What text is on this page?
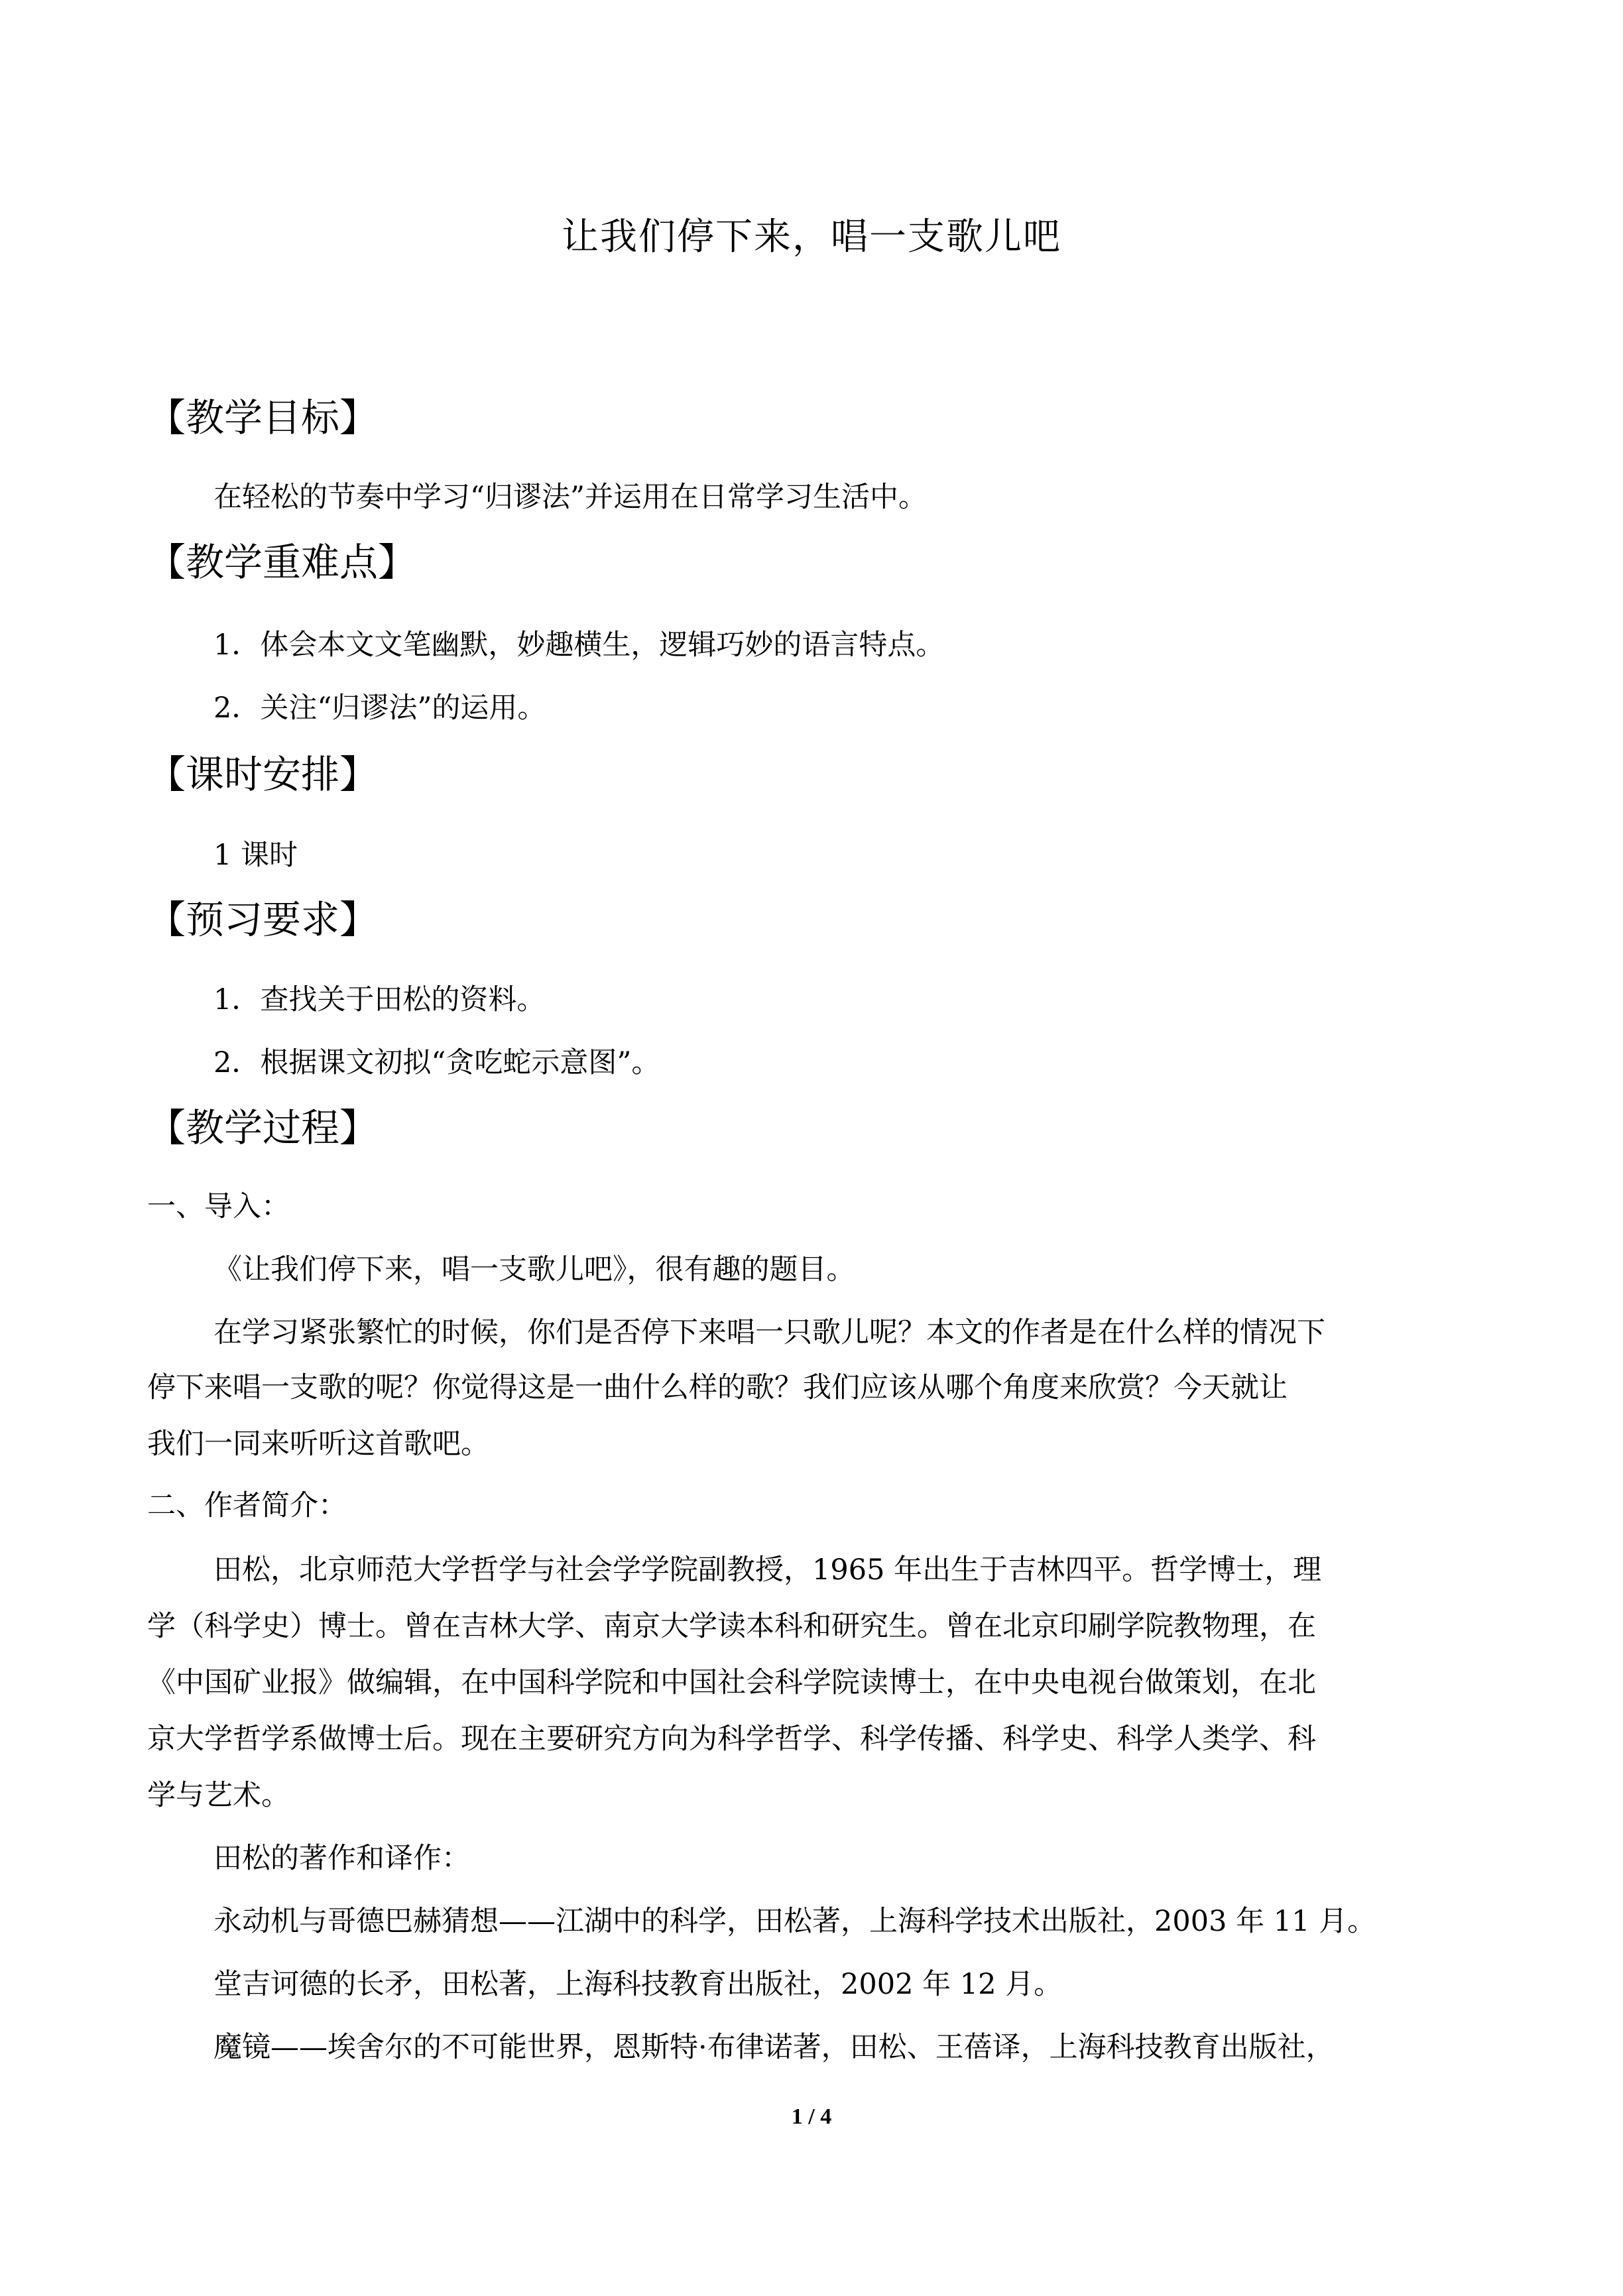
让我们停下来，唱一支歌儿吧
【教学目标】
在轻松的节奏中学习“归谬法”并运用在日常学习生活中。
【教学重难点】
1．体会本文文笔幽默，妙趣横生，逻辑巧妙的语言特点。
2．关注“归谬法”的运用。
【课时安排】
1 课时
【预习要求】
1．查找关于田松的资料。
2．根据课文初拟“贪吃蛇示意图”。
【教学过程】
一、导入：
《让我们停下来，唱一支歌儿吧》，很有趣的题目。
在学习紧张繁忙的时候，你们是否停下来唱一只歌儿呢？本文的作者是在什么样的情况下
停下来唱一支歌的呢？你觉得这是一曲什么样的歌？我们应该从哪个角度来欣赏？今天就让
我们一同来听听这首歌吧。
二、作者简介：
田松，北京师范大学哲学与社会学学院副教授，1965 年出生于吉林四平。哲学博士，理
学（科学史）博士。曾在吉林大学、南京大学读本科和研究生。曾在北京印刷学院教物理，在
《中国矿业报》做编辑，在中国科学院和中国社会科学院读博士，在中央电视台做策划，在北
京大学哲学系做博士后。现在主要研究方向为科学哲学、科学传播、科学史、科学人类学、科
学与艺术。
田松的著作和译作：
永动机与哥德巴赫猜想——江湖中的科学，田松著，上海科学技术出版社，2003 年 11 月。
堂吉诃德的长矛，田松著，上海科技教育出版社，2002 年 12 月。
魔镜——埃舍尔的不可能世界，恩斯特·布律诺著，田松、王蓓译，上海科技教育出版社，
1 / 4
